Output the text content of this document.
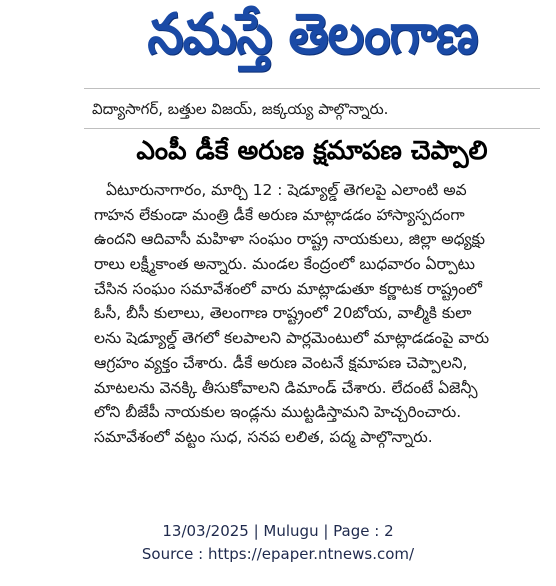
నమస్తే తెలంగాణ
విద్యాసాగర్, బత్తుల విజయ్, జక్కయ్య పాల్గొన్నారు.
ఎంపీ డీకే అరుణ క్షమాపణ చెప్పాలి
ఏటూరునాగారం, మార్చి 12 : షెడ్యూల్డ్ తెగలపై ఎలాంటి అవ
గాహన లేకుండా మంత్రి డీకే అరుణ మాట్లాడడం హాస్యాస్పదంగా
ఉందని ఆదివాసీ మహిళా సంఘం రాష్ట్ర నాయకులు, జిల్లా అధ్యక్షు
రాలు లక్ష్మీకాంత అన్నారు. మండల కేంద్రంలో బుధవారం ఏర్పాటు
చేసిన సంఘం సమావేశంలో వారు మాట్లాడుతూ కర్ణాటక రాష్ట్రంలో
ఓసీ, బీసీ కులాలు, తెలంగాణ రాష్ట్రంలో 20బోయ, వాల్మీకి కులా
లను షెడ్యూల్డ్ తెగలో కలపాలని పార్లమెంటులో మాట్లాడడంపై వారు
ఆగ్రహం వ్యక్తం చేశారు. డీకే అరుణ వెంటనే క్షమాపణ చెప్పాలని,
మాటలను వెనక్కి తీసుకోవాలని డిమాండ్ చేశారు. లేదంటే ఏజెన్సీ
లోని బీజేపీ నాయకుల ఇండ్లను ముట్టడిస్తామని హెచ్చరించారు.
సమావేశంలో వట్టం సుధ, సనప లలిత, పద్మ పాల్గొన్నారు.
13/03/2025 | Mulugu | Page : 2
Source : https://epaper.ntnews.com/
